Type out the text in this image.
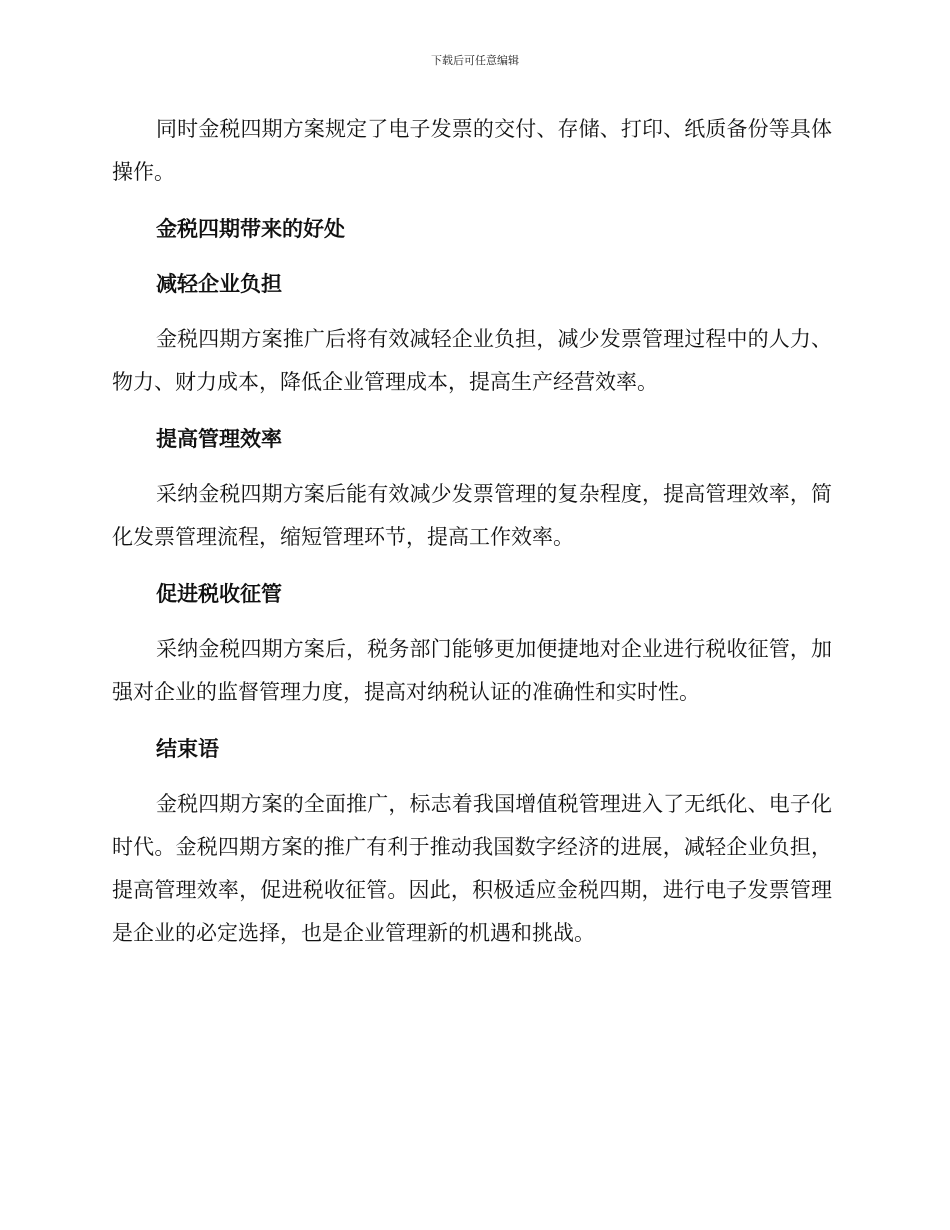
下载后可任意编辑

同时金税四期方案规定了电子发票的交付、存储、打印、纸质备份等具体操作。

金税四期带来的好处
减轻企业负担

金税四期方案推广后将有效减轻企业负担，减少发票管理过程中的人力、物力、财力成本，降低企业管理成本，提高生产经营效率。

提高管理效率

采纳金税四期方案后能有效减少发票管理的复杂程度，提高管理效率，简化发票管理流程，缩短管理环节，提高工作效率。

促进税收征管

采纳金税四期方案后，税务部门能够更加便捷地对企业进行税收征管，加强对企业的监督管理力度，提高对纳税认证的准确性和实时性。

结束语

金税四期方案的全面推广，标志着我国增值税管理进入了无纸化、电子化时代。金税四期方案的推广有利于推动我国数字经济的进展，减轻企业负担，提高管理效率，促进税收征管。因此，积极适应金税四期，进行电子发票管理是企业的必定选择，也是企业管理新的机遇和挑战。
